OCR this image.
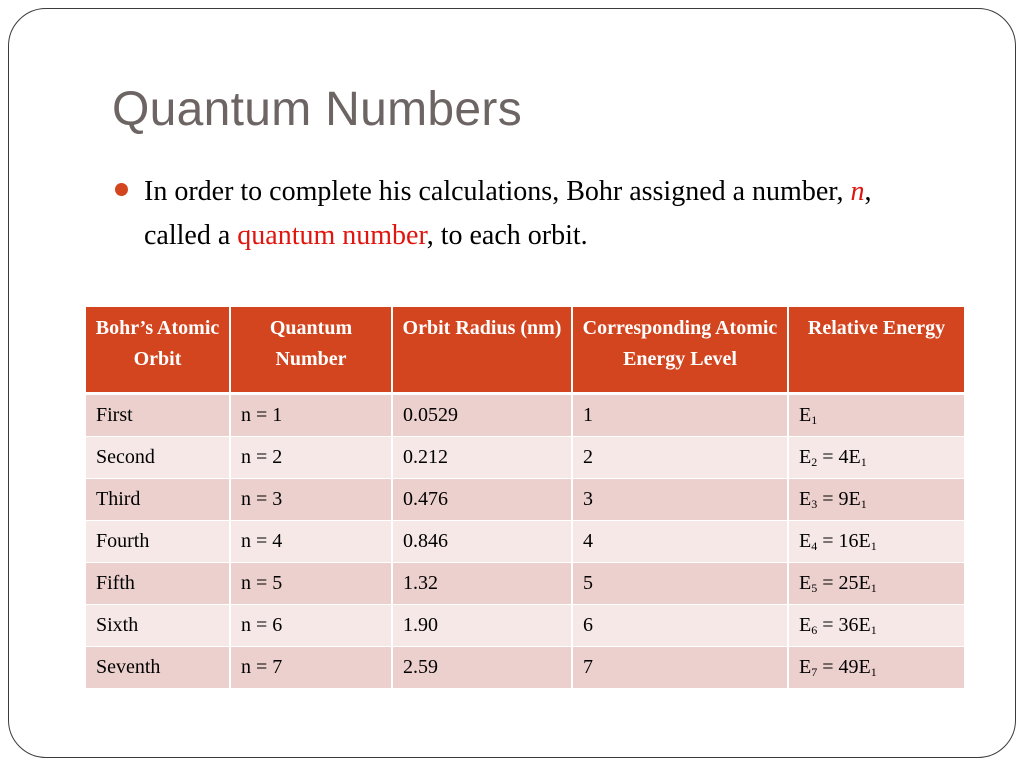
Quantum Numbers
In order to complete his calculations, Bohr assigned a number, n, called a quantum number, to each orbit.
Bohr’s Atomic Orbit	Quantum Number	Orbit Radius (nm)	Corresponding Atomic Energy Level	Relative Energy
First	n = 1	0.0529	1	$E_1$
Second	n = 2	0.212	2	$E_2 = 4E_1$
Third	n = 3	0.476	3	$E_3 = 9E_1$
Fourth	n = 4	0.846	4	$E_4 = 16E_1$
Fifth	n = 5	1.32	5	$E_5 = 25E_1$
Sixth	n = 6	1.90	6	$E_6 = 36E_1$
Seventh	n = 7	2.59	7	$E_7 = 49E_1$
